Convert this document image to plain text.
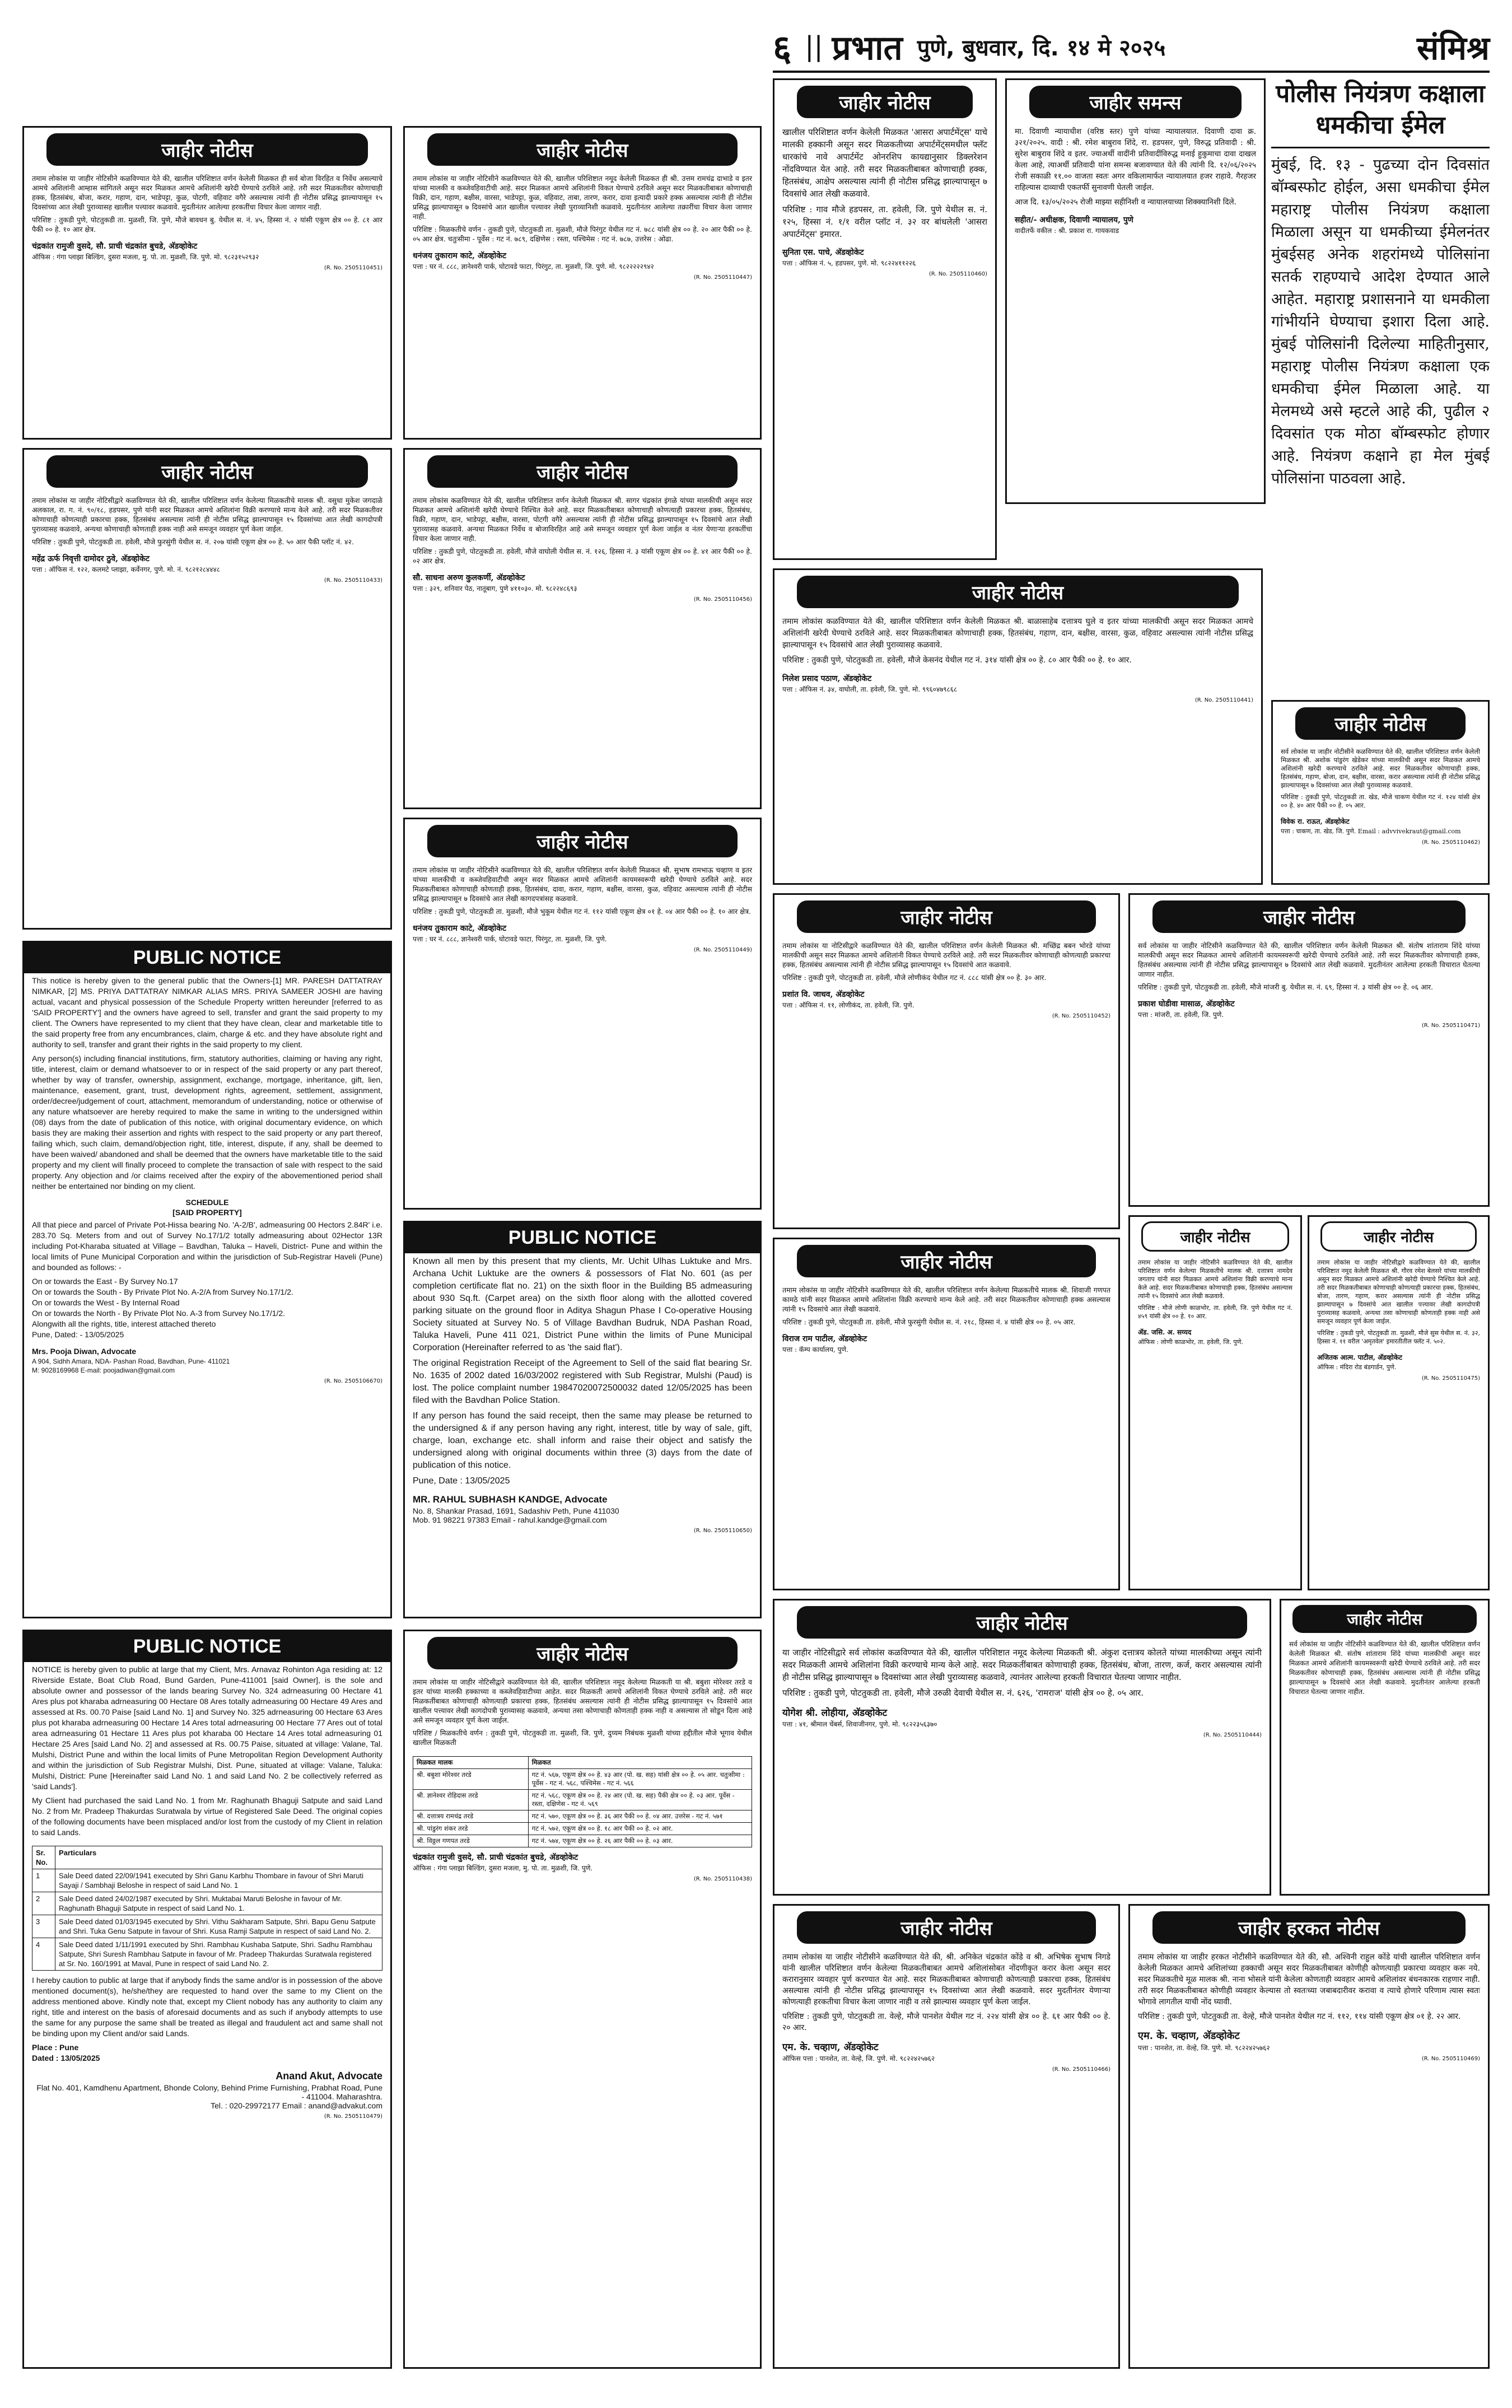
६ || प्रभात पुणे, बुधवार, दि. १४ मे २०२५	संमिश्र
जाहीर नोटीस

तमाम लोकांस या जाहीर नोटिसीने कळविण्यात येते की, खालील परिशिष्टात वर्णन केलेली मिळकत ही सर्व बोजा विरहित व निर्वेध असल्याचे आमचे अशिलांनी आम्हास सांगितले असून सदर मिळकत आमचे अशिलांनी खरेदी घेण्याचे ठरविले आहे. तरी सदर मिळकतीवर कोणाचाही हक्क, हितसंबंध, बोजा, करार, गहाण, दान, भाडेपट्टा, कुळ, पोटगी, वहिवाट वगैरे असल्यास त्यांनी ही नोटीस प्रसिद्ध झाल्यापासून १५ दिवसांच्या आत लेखी पुराव्यासह खालील पत्त्यावर कळवावे. मुदतीनंतर आलेल्या हरकतींचा विचार केला जाणार नाही.

परिशिष्ट : तुकडी पुणे, पोटतुकडी ता. मुळशी, जि. पुणे, मौजे बावधन बु. येथील स. नं. ४५, हिस्सा नं. २ यांसी एकूण क्षेत्र ०० हे. ८१ आर पैकी ०० हे. १० आर क्षेत्र.

चंद्रकांत रामुजी वुसदे, सौ. प्राची चंद्रकांत बुचडे, अ‍ॅडव्होकेट
ऑफिस : गंगा प्लाझा बिल्डिंग, दुसरा मजला, मु. पो. ता. मुळशी, जि. पुणे. मो. ९८२३१५२९३२
(R. No. 2505110451)
जाहीर नोटीस

तमाम लोकांस या जाहीर नोटिसीद्वारे कळविण्यात येते की, खालील परिशिष्टात वर्णन केलेल्या मिळकतीचे मालक श्री. वसुधा मुकेश जगदाळे अलकाल, रा. ग. नं. ९०/१८, हडपसर, पुणे यांनी सदर मिळकत आमचे अशिलांना विक्री करण्याचे मान्य केले आहे. तरी सदर मिळकतीवर कोणाचाही कोणत्याही प्रकारचा हक्क, हितसंबंध असल्यास त्यांनी ही नोटीस प्रसिद्ध झाल्यापासून १५ दिवसांच्या आत लेखी कागदोपत्री पुराव्यासह कळवावे, अन्यथा कोणाचाही कोणताही हक्क नाही असे समजून व्यवहार पूर्ण केला जाईल.

परिशिष्ट : तुकडी पुणे, पोटतुकडी ता. हवेली, मौजे फुरसुंगी येथील स. नं. २०७ यांसी एकूण क्षेत्र ०० हे. ५० आर पैकी प्लॉट नं. ४२.

महेंद्र ऊर्फ निवृत्ती दामोदर ठुवे, अ‍ॅडव्होकेट
पत्ता : ऑफिस नं. १२२, कलमटे प्लाझा, कर्वेनगर, पुणे. मो. नं. ९८२१२८४४४८
(R. No. 2505110433)
PUBLIC NOTICE

This notice is hereby given to the general public that the Owners-[1] MR. PARESH DATTATRAY NIMKAR, [2] MS. PRIYA DATTATRAY NIMKAR ALIAS MRS. PRIYA SAMEER JOSHI are having actual, vacant and physical possession of the Schedule Property written hereunder [referred to as 'SAID PROPERTY'] and the owners have agreed to sell, transfer and grant the said property to my client. The Owners have represented to my client that they have clean, clear and marketable title to the said property free from any encumbrances, claim, charge & etc. and they have absolute right and authority to sell, transfer and grant their rights in the said property to my client.

Any person(s) including financial institutions, firm, statutory authorities, claiming or having any right, title, interest, claim or demand whatsoever to or in respect of the said property or any part thereof, whether by way of transfer, ownership, assignment, exchange, mortgage, inheritance, gift, lien, maintenance, easement, grant, trust, development rights, agreement, settlement, assignment, order/decree/judgement of court, attachment, memorandum of understanding, notice or otherwise of any nature whatsoever are hereby required to make the same in writing to the undersigned within (08) days from the date of publication of this notice, with original documentary evidence, on which basis they are making their assertion and rights with respect to the said property or any part thereof, failing which, such claim, demand/objection right, title, interest, dispute, if any, shall be deemed to have been waived/ abandoned and shall be deemed that the owners have marketable title to the said property and my client will finally proceed to complete the transaction of sale with respect to the said property. Any objection and /or claims received after the expiry of the abovementioned period shall neither be entertained nor binding on my client.

SCHEDULE
[SAID PROPERTY]

All that piece and parcel of Private Pot-Hissa bearing No. 'A-2/B', admeasuring 00 Hectors 2.84R' i.e. 283.70 Sq. Meters from and out of Survey No.17/1/2 totally admeasuring about 02Hector 13R including Pot-Kharaba situated at Village – Bavdhan, Taluka – Haveli, District- Pune and within the local limits of Pune Municipal Corporation and within the jurisdiction of Sub-Registrar Haveli (Pune) and bounded as follows: -

On or towards the East - By Survey No.17
On or towards the South - By Private Plot No. A-2/A from Survey No.17/1/2.
On or towards the West - By Internal Road
On or towards the North - By Private Plot No. A-3 from Survey No.17/1/2.
Alongwith all the rights, title, interest attached thereto
Pune, Dated: - 13/05/2025

Mrs. Pooja Diwan, Advocate
A 904, Sidhh Amara, NDA- Pashan Road, Bavdhan, Pune- 411021
M: 9028169968 E-mail: poojadiwan@gmail.com
(R. No. 2505106670)
PUBLIC NOTICE

NOTICE is hereby given to public at large that my Client, Mrs. Arnavaz Rohinton Aga residing at: 12 Riverside Estate, Boat Club Road, Bund Garden, Pune-411001 [said Owner], is the sole and absolute owner and possessor of the lands bearing Survey No. 324 adrneasuring 00 Hectare 41 Ares plus pot kharaba adrneasuring 00 Hectare 08 Ares totally adrneasuring 00 Hectare 49 Ares and assessed at Rs. 00.70 Paise [said Land No. 1] and Survey No. 325 adrneasuring 00 Hectare 63 Ares plus pot kharaba adrneasuring 00 Hectare 14 Ares total adrneasuring 00 Hectare 77 Ares out of total area adrneasuring 01 Hectare 11 Ares plus pot kharaba 00 Hectare 14 Ares total adrneasuring 01 Hectare 25 Ares [said Land No. 2] and assessed at Rs. 00.75 Paise, situated at village: Valane, Tal. Mulshi, District Pune and within the local limits of Pune Metropolitan Region Development Authority and within the jurisdiction of Sub Registrar Mulshi, Dist. Pune, situated at village: Valane, Taluka: Mulshi, District: Pune [Hereinafter said Land No. 1 and said Land No. 2 be collectively referred as 'said Lands'].

My Client had purchased the said Land No. 1 from Mr. Raghunath Bhaguji Satpute and said Land No. 2 from Mr. Pradeep Thakurdas Suratwala by virtue of Registered Sale Deed. The original copies of the following documents have been misplaced and/or lost from the custody of my Client in relation to said Lands.

Sr. No.	Particulars
1	Sale Deed dated 22/09/1941 executed by Shri Ganu Karbhu Thombare in favour of Shri Maruti Sayaji / Sambhaji Beloshe in respect of said Land No. 1
2	Sale Deed dated 24/02/1987 executed by Shri. Muktabai Maruti Beloshe in favour of Mr. Raghunath Bhaguji Satpute in respect of said Land No. 1.
3	Sale Deed dated 01/03/1945 executed by Shri. Vithu Sakharam Satpute, Shri. Bapu Genu Satpute and Shri. Tuka Genu Satpute in favour of Shri. Kusa Ramji Satpute in respect of said Land No. 2.
4	Sale Deed dated 1/11/1991 executed by Shri. Rambhau Kushaba Satpute, Shri. Sadhu Rambhau Satpute, Shri Suresh Rambhau Satpute in favour of Mr. Pradeep Thakurdas Suratwala registered at Sr. No. 160/1991 at Maval, Pune in respect of said Land No. 2.

I hereby caution to public at large that if anybody finds the same and/or is in possession of the above mentioned document(s), he/she/they are requested to hand over the same to my Client on the address mentioned above. Kindly note that, except my Client nobody has any authority to claim any right, title and interest on the basis of aforesaid documents and as such if anybody attempts to use the same for any purpose the same shall be treated as illegal and fraudulent act and same shall not be binding upon my Client and/or said Lands.

Place : Pune
Dated : 13/05/2025

Anand Akut, Advocate
Flat No. 401, Kamdhenu Apartment, Bhonde Colony, Behind Prime Furnishing, Prabhat Road, Pune - 411004. Maharashtra.
Tel. : 020-29972177 Email : anand@advakut.com
(R. No. 2505110479)
जाहीर नोटीस

तमाम लोकांस या जाहीर नोटिसीने कळविण्यात येते की, खालील परिशिष्टात नमूद केलेली मिळकत ही श्री. उत्तम रामचंद्र दाभाडे व इतर यांच्या मालकी व कब्जेवहिवाटीची आहे. सदर मिळकत आमचे अशिलांनी विकत घेण्याचे ठरविले असून सदर मिळकतीबाबत कोणाचाही विक्री, दान, गहाण, बक्षीस, वारसा, भाडेपट्टा, कुळ, वहिवाट, ताबा, तारण, करार, दावा इत्यादी प्रकारे हक्क असल्यास त्यांनी ही नोटीस प्रसिद्ध झाल्यापासून ७ दिवसांचे आत खालील पत्त्यावर लेखी पुराव्यानिशी कळवावे. मुदतीनंतर आलेल्या तक्रारींचा विचार केला जाणार नाही.

परिशिष्ट : मिळकतीचे वर्णन - तुकडी पुणे, पोटतुकडी ता. मुळशी, मौजे पिरंगुट येथील गट नं. ७८८ यांसी क्षेत्र ०० हे. २० आर पैकी ०० हे. ०५ आर क्षेत्र. चतुःसीमा - पूर्वेस : गट नं. ७८९, दक्षिणेस : रस्ता, पश्चिमेस : गट नं. ७८७, उत्तरेस : ओढा.

धनंजय तुकाराम काटे, अ‍ॅडव्होकेट
पत्ता : घर नं. ८८८, ज्ञानेश्वरी पार्क, घोटावडे फाटा, पिरंगुट, ता. मुळशी, जि. पुणे. मो. ९८२२२२२९४२
(R. No. 2505110447)
जाहीर नोटीस

तमाम लोकांस कळविण्यात येते की, खालील परिशिष्टात वर्णन केलेली मिळकत श्री. सागर चंद्रकांत इंगळे यांच्या मालकीची असून सदर मिळकत आमचे अशिलांनी खरेदी घेण्याचे निश्चित केले आहे. सदर मिळकतीबाबत कोणाचाही कोणत्याही प्रकारचा हक्क, हितसंबंध, विक्री, गहाण, दान, भाडेपट्टा, बक्षीस, वारसा, पोटगी वगैरे असल्यास त्यांनी ही नोटीस प्रसिद्ध झाल्यापासून १५ दिवसांचे आत लेखी पुराव्यासह कळवावे. अन्यथा मिळकत निर्वेध व बोजाविरहित आहे असे समजून व्यवहार पूर्ण केला जाईल व नंतर येणाऱ्या हरकतींचा विचार केला जाणार नाही.

परिशिष्ट : तुकडी पुणे, पोटतुकडी ता. हवेली, मौजे वाघोली येथील स. नं. १२६, हिस्सा नं. ३ यांसी एकूण क्षेत्र ०० हे. ४१ आर पैकी ०० हे. ०२ आर क्षेत्र.

सौ. साधना अरुण कुलकर्णी, अ‍ॅडव्होकेट
पत्ता : ३२९, शनिवार पेठ, नातूबाग, पुणे ४११०३०. मो. ९८२२४८६९३
(R. No. 2505110456)
जाहीर नोटीस

तमाम लोकांस या जाहीर नोटिसीने कळविण्यात येते की, खालील परिशिष्टात वर्णन केलेली मिळकत श्री. सुभाष रामभाऊ चव्हाण व इतर यांच्या मालकीची व कब्जेवहिवाटीची असून सदर मिळकत आमचे अशिलांनी कायमस्वरूपी खरेदी घेण्याचे ठरविले आहे. सदर मिळकतीबाबत कोणाचाही कोणताही हक्क, हितसंबंध, दावा, करार, गहाण, बक्षीस, वारसा, कुळ, वहिवाट असल्यास त्यांनी ही नोटीस प्रसिद्ध झाल्यापासून ७ दिवसांचे आत लेखी कागदपत्रांसह कळवावे.

परिशिष्ट : तुकडी पुणे, पोटतुकडी ता. मुळशी, मौजे भुकूम येथील गट नं. ११२ यांसी एकूण क्षेत्र ०१ हे. ०४ आर पैकी ०० हे. १० आर क्षेत्र.

धनंजय तुकाराम काटे, अ‍ॅडव्होकेट
पत्ता : घर नं. ८८८, ज्ञानेश्वरी पार्क, घोटावडे फाटा, पिरंगुट, ता. मुळशी, जि. पुणे.
(R. No. 2505110449)
PUBLIC NOTICE

Known all men by this present that my clients, Mr. Uchit Ulhas Luktuke and Mrs. Archana Uchit Luktuke are the owners & possessors of Flat No. 601 (as per completion certificate flat no. 21) on the sixth floor in the Building B5 admeasuring about 930 Sq.ft. (Carpet area) on the sixth floor along with the allotted covered parking situate on the ground floor in Aditya Shagun Phase I Co-operative Housing Society situated at Survey No. 5 of Village Bavdhan Budruk, NDA Pashan Road, Taluka Haveli, Pune 411 021, District Pune within the limits of Pune Municipal Corporation (Hereinafter referred to as 'the said flat').

The original Registration Receipt of the Agreement to Sell of the said flat bearing Sr. No. 1635 of 2002 dated 16/03/2002 registered with Sub Registrar, Mulshi (Paud) is lost. The police complaint number 19847020072500032 dated 12/05/2025 has been filed with the Bavdhan Police Station.

If any person has found the said receipt, then the same may please be returned to the undersigned & if any person having any right, interest, title by way of sale, gift, charge, loan, exchange etc. shall inform and raise their object and satisfy the undersigned along with original documents within three (3) days from the date of publication of this notice.

Pune, Date : 13/05/2025

MR. RAHUL SUBHASH KANDGE, Advocate
No. 8, Shankar Prasad, 1691, Sadashiv Peth, Pune 411030
Mob. 91 98221 97383 Email - rahul.kandge@gmail.com
(R. No. 2505110650)
जाहीर नोटीस

तमाम लोकांस या जाहीर नोटिसीद्वारे कळविण्यात येते की, खालील परिशिष्टात नमूद केलेल्या मिळकती या श्री. बबुशा मोरेश्वर तरडे व इतर यांच्या मालकी हक्काच्या व कब्जेवहिवाटीच्या आहेत. सदर मिळकती आमचे अशिलांनी विकत घेण्याचे ठरविले आहे. तरी सदर मिळकतींबाबत कोणाचाही कोणत्याही प्रकारचा हक्क, हितसंबंध असल्यास त्यांनी ही नोटीस प्रसिद्ध झाल्यापासून १५ दिवसांचे आत खालील पत्त्यावर लेखी कागदोपत्री पुराव्यासह कळवावे, अन्यथा तसा कोणाचाही कोणताही हक्क नाही व असल्यास तो सोडून दिला आहे असे समजून व्यवहार पूर्ण केला जाईल.

परिशिष्ट / मिळकतीचे वर्णन : तुकडी पुणे, पोटतुकडी ता. मुळशी, जि. पुणे, दुय्यम निबंधक मुळशी यांच्या हद्दीतील मौजे भूगाव येथील खालील मिळकती

मिळकत मालक	मिळकत
श्री. बबुशा मोरेश्वर तरडे	गट नं. ५६७, एकूण क्षेत्र ०० हे. ४३ आर (पो. ख. सह) यांसी क्षेत्र ०० हे. ०५ आर. चतुःसीमा : पूर्वेस - गट नं. ५६८, पश्चिमेस - गट नं. ५६६
श्री. ज्ञानेश्वर रोहिदास तरडे	गट नं. ५६८, एकूण क्षेत्र ०० हे. २४ आर (पो. ख. सह) पैकी क्षेत्र ०० हे. ०३ आर. पूर्वेस - रस्ता, दक्षिणेस - गट नं. ५६९
श्री. दत्तात्रय रामचंद्र तरडे	गट नं. ५७०, एकूण क्षेत्र ०० हे. ३६ आर पैकी ०० हे. ०४ आर. उत्तरेस - गट नं. ५७१
श्री. पांडुरंग शंकर तरडे	गट नं. ५७२, एकूण क्षेत्र ०० हे. १८ आर पैकी ०० हे. ०२ आर.
श्री. विठ्ठल गणपत तरडे	गट नं. ५७४, एकूण क्षेत्र ०० हे. २६ आर पैकी ०० हे. ०३ आर.
चंद्रकांत रामुजी वुसदे, सौ. प्राची चंद्रकांत बुचडे, अ‍ॅडव्होकेट
ऑफिस : गंगा प्लाझा बिल्डिंग, दुसरा मजला, मु. पो. ता. मुळशी, जि. पुणे.
(R. No. 2505110438)
जाहीर नोटीस

खालील परिशिष्टात वर्णन केलेली मिळकत 'आसरा अपार्टमेंट्स' याचे मालकी हक्कानी असून सदर मिळकतीच्या अपार्टमेंट्समधील फ्लॅट धारकांचे नावे अपार्टमेंट ओनरशिप कायद्यानुसार डिक्लरेशन नोंदविण्यात येत आहे. तरी सदर मिळकतीबाबत कोणाचाही हक्क, हितसंबंध, आक्षेप असल्यास त्यांनी ही नोटीस प्रसिद्ध झाल्यापासून ७ दिवसांचे आत लेखी कळवावे.

परिशिष्ट : गाव मौजे हडपसर, ता. हवेली, जि. पुणे येथील स. नं. १२५, हिस्सा नं. १/१ वरील प्लॉट नं. ३२ वर बांधलेली 'आसरा अपार्टमेंट्स' इमारत.

सुनिता एस. पाचे, अ‍ॅडव्होकेट
पत्ता : ऑफिस नं. ५, हडपसर, पुणे. मो. ९८२२४११२२६
(R. No. 2505110460)
जाहीर समन्स

मा. दिवाणी न्यायाधीश (वरिष्ठ स्तर) पुणे यांच्या न्यायालयात. दिवाणी दावा क्र. ३२१/२०२५. वादी : श्री. रमेश बाबुराव शिंदे, रा. हडपसर, पुणे, विरुद्ध प्रतिवादी : श्री. सुरेश बाबुराव शिंदे व इतर. ज्याअर्थी वादींनी प्रतिवादींविरुद्ध मनाई हुकुमाचा दावा दाखल केला आहे, त्याअर्थी प्रतिवादी यांना समन्स बजावण्यात येते की त्यांनी दि. १२/०६/२०२५ रोजी सकाळी ११.०० वाजता स्वतः अगर वकिलामार्फत न्यायालयात हजर राहावे. गैरहजर राहिल्यास दाव्याची एकतर्फी सुनावणी घेतली जाईल.

आज दि. १३/०५/२०२५ रोजी माझ्या सहीनिशी व न्यायालयाच्या शिक्क्यानिशी दिले.

सहीत/- अधीक्षक, दिवाणी न्यायालय, पुणे
वादीतर्फे वकील : श्री. प्रकाश रा. गायकवाड
जाहीर नोटीस

तमाम लोकांस कळविण्यात येते की, खालील परिशिष्टात वर्णन केलेली मिळकत श्री. बाळासाहेब दत्तात्रय घुले व इतर यांच्या मालकीची असून सदर मिळकत आमचे अशिलांनी खरेदी घेण्याचे ठरविले आहे. सदर मिळकतीबाबत कोणाचाही हक्क, हितसंबंध, गहाण, दान, बक्षीस, वारसा, कुळ, वहिवाट असल्यास त्यांनी नोटीस प्रसिद्ध झाल्यापासून १५ दिवसांचे आत लेखी पुराव्यासह कळवावे.

परिशिष्ट : तुकडी पुणे, पोटतुकडी ता. हवेली, मौजे केसनंद येथील गट नं. ३१४ यांसी क्षेत्र ०० हे. ८० आर पैकी ०० हे. १० आर.

निलेश प्रसाद पठाण, अ‍ॅडव्होकेट
पत्ता : ऑफिस नं. ३४, वाघोली, ता. हवेली, जि. पुणे. मो. ९९६०४७९८६८
(R. No. 2505110441)
जाहीर नोटीस

तमाम लोकांस या नोटिसीद्वारे कळविण्यात येते की, खालील परिशिष्टात वर्णन केलेली मिळकत श्री. मच्छिंद्र बबन भोरडे यांच्या मालकीची असून सदर मिळकत आमचे अशिलांनी विकत घेण्याचे ठरविले आहे. तरी सदर मिळकतीवर कोणाचाही कोणत्याही प्रकारचा हक्क, हितसंबंध असल्यास त्यांनी ही नोटीस प्रसिद्ध झाल्यापासून १५ दिवसांचे आत कळवावे.

परिशिष्ट : तुकडी पुणे, पोटतुकडी ता. हवेली, मौजे लोणीकंद येथील गट नं. ८८८ यांसी क्षेत्र ०० हे. ३० आर.

प्रशांत वि. जाधव, अ‍ॅडव्होकेट
पत्ता : ऑफिस नं. ११, लोणीकंद, ता. हवेली, जि. पुणे.
(R. No. 2505110452)
जाहीर नोटीस

तमाम लोकांस या जाहीर नोटिसीने कळविण्यात येते की, खालील परिशिष्टात वर्णन केलेल्या मिळकतीचे मालक श्री. शिवाजी गणपत कामठे यांनी सदर मिळकत आमचे अशिलांना विक्री करण्याचे मान्य केले आहे. तरी सदर मिळकतीवर कोणाचाही हक्क असल्यास त्यांनी १५ दिवसांचे आत लेखी कळवावे.

परिशिष्ट : तुकडी पुणे, पोटतुकडी ता. हवेली, मौजे फुरसुंगी येथील स. नं. २१८, हिस्सा नं. ४ यांसी क्षेत्र ०० हे. ०५ आर.

विराज राम पाटील, अ‍ॅडव्होकेट
पत्ता : कॅम्प कार्यालय, पुणे.
जाहीर नोटीस

या जाहीर नोटिसीद्वारे सर्व लोकांस कळविण्यात येते की, खालील परिशिष्टात नमूद केलेल्या मिळकती श्री. अंकुश दत्तात्रय कोलते यांच्या मालकीच्या असून त्यांनी सदर मिळकती आमचे अशिलांना विक्री करण्याचे मान्य केले आहे. सदर मिळकतींबाबत कोणाचाही हक्क, हितसंबंध, बोजा, तारण, कर्ज, करार असल्यास त्यांनी ही नोटीस प्रसिद्ध झाल्यापासून ७ दिवसांच्या आत लेखी पुराव्यासह कळवावे, त्यानंतर आलेल्या हरकती विचारात घेतल्या जाणार नाहीत.

परिशिष्ट : तुकडी पुणे, पोटतुकडी ता. हवेली, मौजे उरुळी देवाची येथील स. नं. ६२६, 'रामराज' यांसी क्षेत्र ०० हे. ०५ आर.

योगेश श्री. लोहीया, अ‍ॅडव्होकेट
पत्ता : ४१, श्रीमाल चेंबर्स, शिवाजीनगर, पुणे. मो. ९८२२३५६३७०
(R. No. 2505110444)
जाहीर नोटीस

तमाम लोकांस या जाहीर नोटीसीने कळविण्यात येते की, श्री. अनिकेत चंद्रकांत कोंडे व श्री. अभिषेक सुभाष निगडे यांनी खालील परिशिष्टात वर्णन केलेल्या मिळकतीबाबत आमचे अशिलांसोबत नोंदणीकृत करार केला असून सदर करारानुसार व्यवहार पूर्ण करण्यात येत आहे. सदर मिळकतीबाबत कोणाचाही कोणत्याही प्रकारचा हक्क, हितसंबंध असल्यास त्यांनी ही नोटीस प्रसिद्ध झाल्यापासून १५ दिवसांच्या आत लेखी कळवावे. सदर मुदतीनंतर येणाऱ्या कोणत्याही हरकतीचा विचार केला जाणार नाही व तसे झाल्यास व्यवहार पूर्ण केला जाईल.

परिशिष्ट : तुकडी पुणे, पोटतुकडी ता. वेल्हे, मौजे पानशेत येथील गट नं. २२४ यांसी क्षेत्र ०० हे. ६१ आर पैकी ०० हे. २० आर.

एम. के. चव्हाण, अ‍ॅडव्होकेट
ऑफिस पत्ता : पानशेत, ता. वेल्हे, जि. पुणे. मो. ९८२२४२५७६२
(R. No. 2505110466)
पोलीस नियंत्रण कक्षाला धमकीचा ईमेल
मुंबई, दि. १३ - पुढच्या दोन दिवसांत बॉम्बस्फोट होईल, असा धमकीचा ईमेल महाराष्ट्र पोलीस नियंत्रण कक्षाला मिळाला असून या धमकीच्या ईमेलनंतर मुंबईसह अनेक शहरांमध्ये पोलिसांना सतर्क राहण्याचे आदेश देण्यात आले आहेत. महाराष्ट्र प्रशासनाने या धमकीला गांभीर्याने घेण्याचा इशारा दिला आहे. मुंबई पोलिसांनी दिलेल्या माहितीनुसार, महाराष्ट्र पोलीस नियंत्रण कक्षाला एक धमकीचा ईमेल मिळाला आहे. या मेलमध्ये असे म्हटले आहे की, पुढील २ दिवसांत एक मोठा बॉम्बस्फोट होणार आहे. नियंत्रण कक्षाने हा मेल मुंबई पोलिसांना पाठवला आहे.
जाहीर नोटीस

सर्व लोकांस या जाहीर नोटिसीने कळविण्यात येते की, खालील परिशिष्टात वर्णन केलेली मिळकत श्री. संतोष शांताराम शिंदे यांच्या मालकीची असून सदर मिळकत आमचे अशिलांनी कायमस्वरूपी खरेदी घेण्याचे ठरविले आहे. तरी सदर मिळकतीवर कोणाचाही हक्क, हितसंबंध असल्यास त्यांनी ही नोटीस प्रसिद्ध झाल्यापासून ७ दिवसांचे आत लेखी कळवावे. मुदतीनंतर आलेल्या हरकती विचारात घेतल्या जाणार नाहीत.

परिशिष्ट : तुकडी पुणे, पोटतुकडी ता. हवेली, मौजे मांजरी बु. येथील स. नं. ६९, हिस्सा नं. ३ यांसी क्षेत्र ०० हे. ०६ आर.

प्रकाश घोडीवा मासाळ, अ‍ॅडव्होकेट
पत्ता : मांजरी, ता. हवेली, जि. पुणे.
(R. No. 2505110471)
जाहीर नोटीस

सर्व लोकांस या जाहीर नोटीसीने कळविण्यात येते की, खालील परिशिष्टात वर्णन केलेली मिळकत श्री. अशोक पांडुरंग खेडेकर यांच्या मालकीची असून सदर मिळकत आमचे अशिलांनी खरेदी करण्याचे ठरविले आहे. सदर मिळकतीवर कोणाचाही हक्क, हितसंबंध, गहाण, बोजा, दान, बक्षीस, वारसा, करार असल्यास त्यांनी ही नोटीस प्रसिद्ध झाल्यापासून ७ दिवसांच्या आत लेखी पुराव्यासह कळवावे.

परिशिष्ट : तुकडी पुणे, पोटतुकडी ता. खेड, मौजे चाकण येथील गट नं. १२४ यांसी क्षेत्र ०० हे. ४० आर पैकी ०० हे. ०५ आर.

विवेक रा. राऊत, अ‍ॅडव्होकेट
पत्ता : चाकण, ता. खेड, जि. पुणे. Email : advvivekraut@gmail.com
(R. No. 2505110462)
जाहीर नोटीस

तमाम लोकांस या जाहीर नोटिसीने कळविण्यात येते की, खालील परिशिष्टात वर्णन केलेल्या मिळकतीचे मालक श्री. दत्तात्रय नामदेव जगताप यांनी सदर मिळकत आमचे अशिलांना विक्री करण्याचे मान्य केले आहे. सदर मिळकतीबाबत कोणाचाही हक्क, हितसंबंध असल्यास त्यांनी १५ दिवसांचे आत लेखी कळवावे.

परिशिष्ट : मौजे लोणी काळभोर, ता. हवेली, जि. पुणे येथील गट नं. ४५९ यांसी क्षेत्र ०० हे. १० आर.

ॲड. जसि. अ. सय्यद
ऑफिस : लोणी काळभोर, ता. हवेली, जि. पुणे.
जाहीर नोटीस

तमाम लोकांस या जाहीर नोटिसीद्वारे कळविण्यात येते की, खालील परिशिष्टात नमूद केलेली मिळकत श्री. गौरव रमेश बेलसरे यांच्या मालकीची असून सदर मिळकत आमचे अशिलांनी खरेदी घेण्याचे निश्चित केले आहे. तरी सदर मिळकतीबाबत कोणाचाही कोणत्याही प्रकारचा हक्क, हितसंबंध, बोजा, तारण, गहाण, करार असल्यास त्यांनी ही नोटीस प्रसिद्ध झाल्यापासून ७ दिवसांचे आत खालील पत्त्यावर लेखी कागदोपत्री पुराव्यासह कळवावे, अन्यथा तसा कोणाचाही कोणताही हक्क नाही असे समजून व्यवहार पूर्ण केला जाईल.

परिशिष्ट : तुकडी पुणे, पोटतुकडी ता. मुळशी, मौजे सुस येथील स. नं. ३२, हिस्सा नं. ११ वरील 'अमृतवेल' इमारतीतील फ्लॅट नं. ५०२.

अजितक आत्म. पाटील, अ‍ॅडव्होकेट
ऑफिस : मंदिरा रोड बंडगार्डन, पुणे.
(R. No. 2505110475)
जाहीर नोटीस

सर्व लोकांस या जाहीर नोटिसीने कळविण्यात येते की, खालील परिशिष्टात वर्णन केलेली मिळकत श्री. संतोष शांताराम शिंदे यांच्या मालकीची असून सदर मिळकत आमचे अशिलांनी कायमस्वरूपी खरेदी घेण्याचे ठरविले आहे. तरी सदर मिळकतीवर कोणाचाही हक्क, हितसंबंध असल्यास त्यांनी ही नोटीस प्रसिद्ध झाल्यापासून ७ दिवसांचे आत लेखी कळवावे. मुदतीनंतर आलेल्या हरकती विचारात घेतल्या जाणार नाहीत.

जाहीर हरकत नोटीस

तमाम लोकांस या जाहीर हरकत नोटीसीने कळविण्यात येते की, सौ. अश्विनी राहुल कोंडे यांची खालील परिशिष्टात वर्णन केलेली मिळकत आमचे अशिलांच्या हक्काची असून सदर मिळकतीबाबत कोणीही कोणत्याही प्रकारचा व्यवहार करू नये. सदर मिळकतीचे मूळ मालक श्री. नाना भोसले यांनी केलेला कोणताही व्यवहार आमचे अशिलांवर बंधनकारक राहणार नाही. तरी सदर मिळकतीबाबत कोणीही व्यवहार केल्यास तो स्वतःच्या जबाबदारीवर करावा व त्याचे होणारे परिणाम त्यास स्वतः भोगावे लागतील याची नोंद घ्यावी.

परिशिष्ट : तुकडी पुणे, पोटतुकडी ता. वेल्हे, मौजे पानशेत येथील गट नं. ११२, ११४ यांसी एकूण क्षेत्र ०१ हे. २२ आर.

एम. के. चव्हाण, अ‍ॅडव्होकेट
पत्ता : पानशेत, ता. वेल्हे, जि. पुणे. मो. ९८२२४२५७६२
(R. No. 2505110469)
